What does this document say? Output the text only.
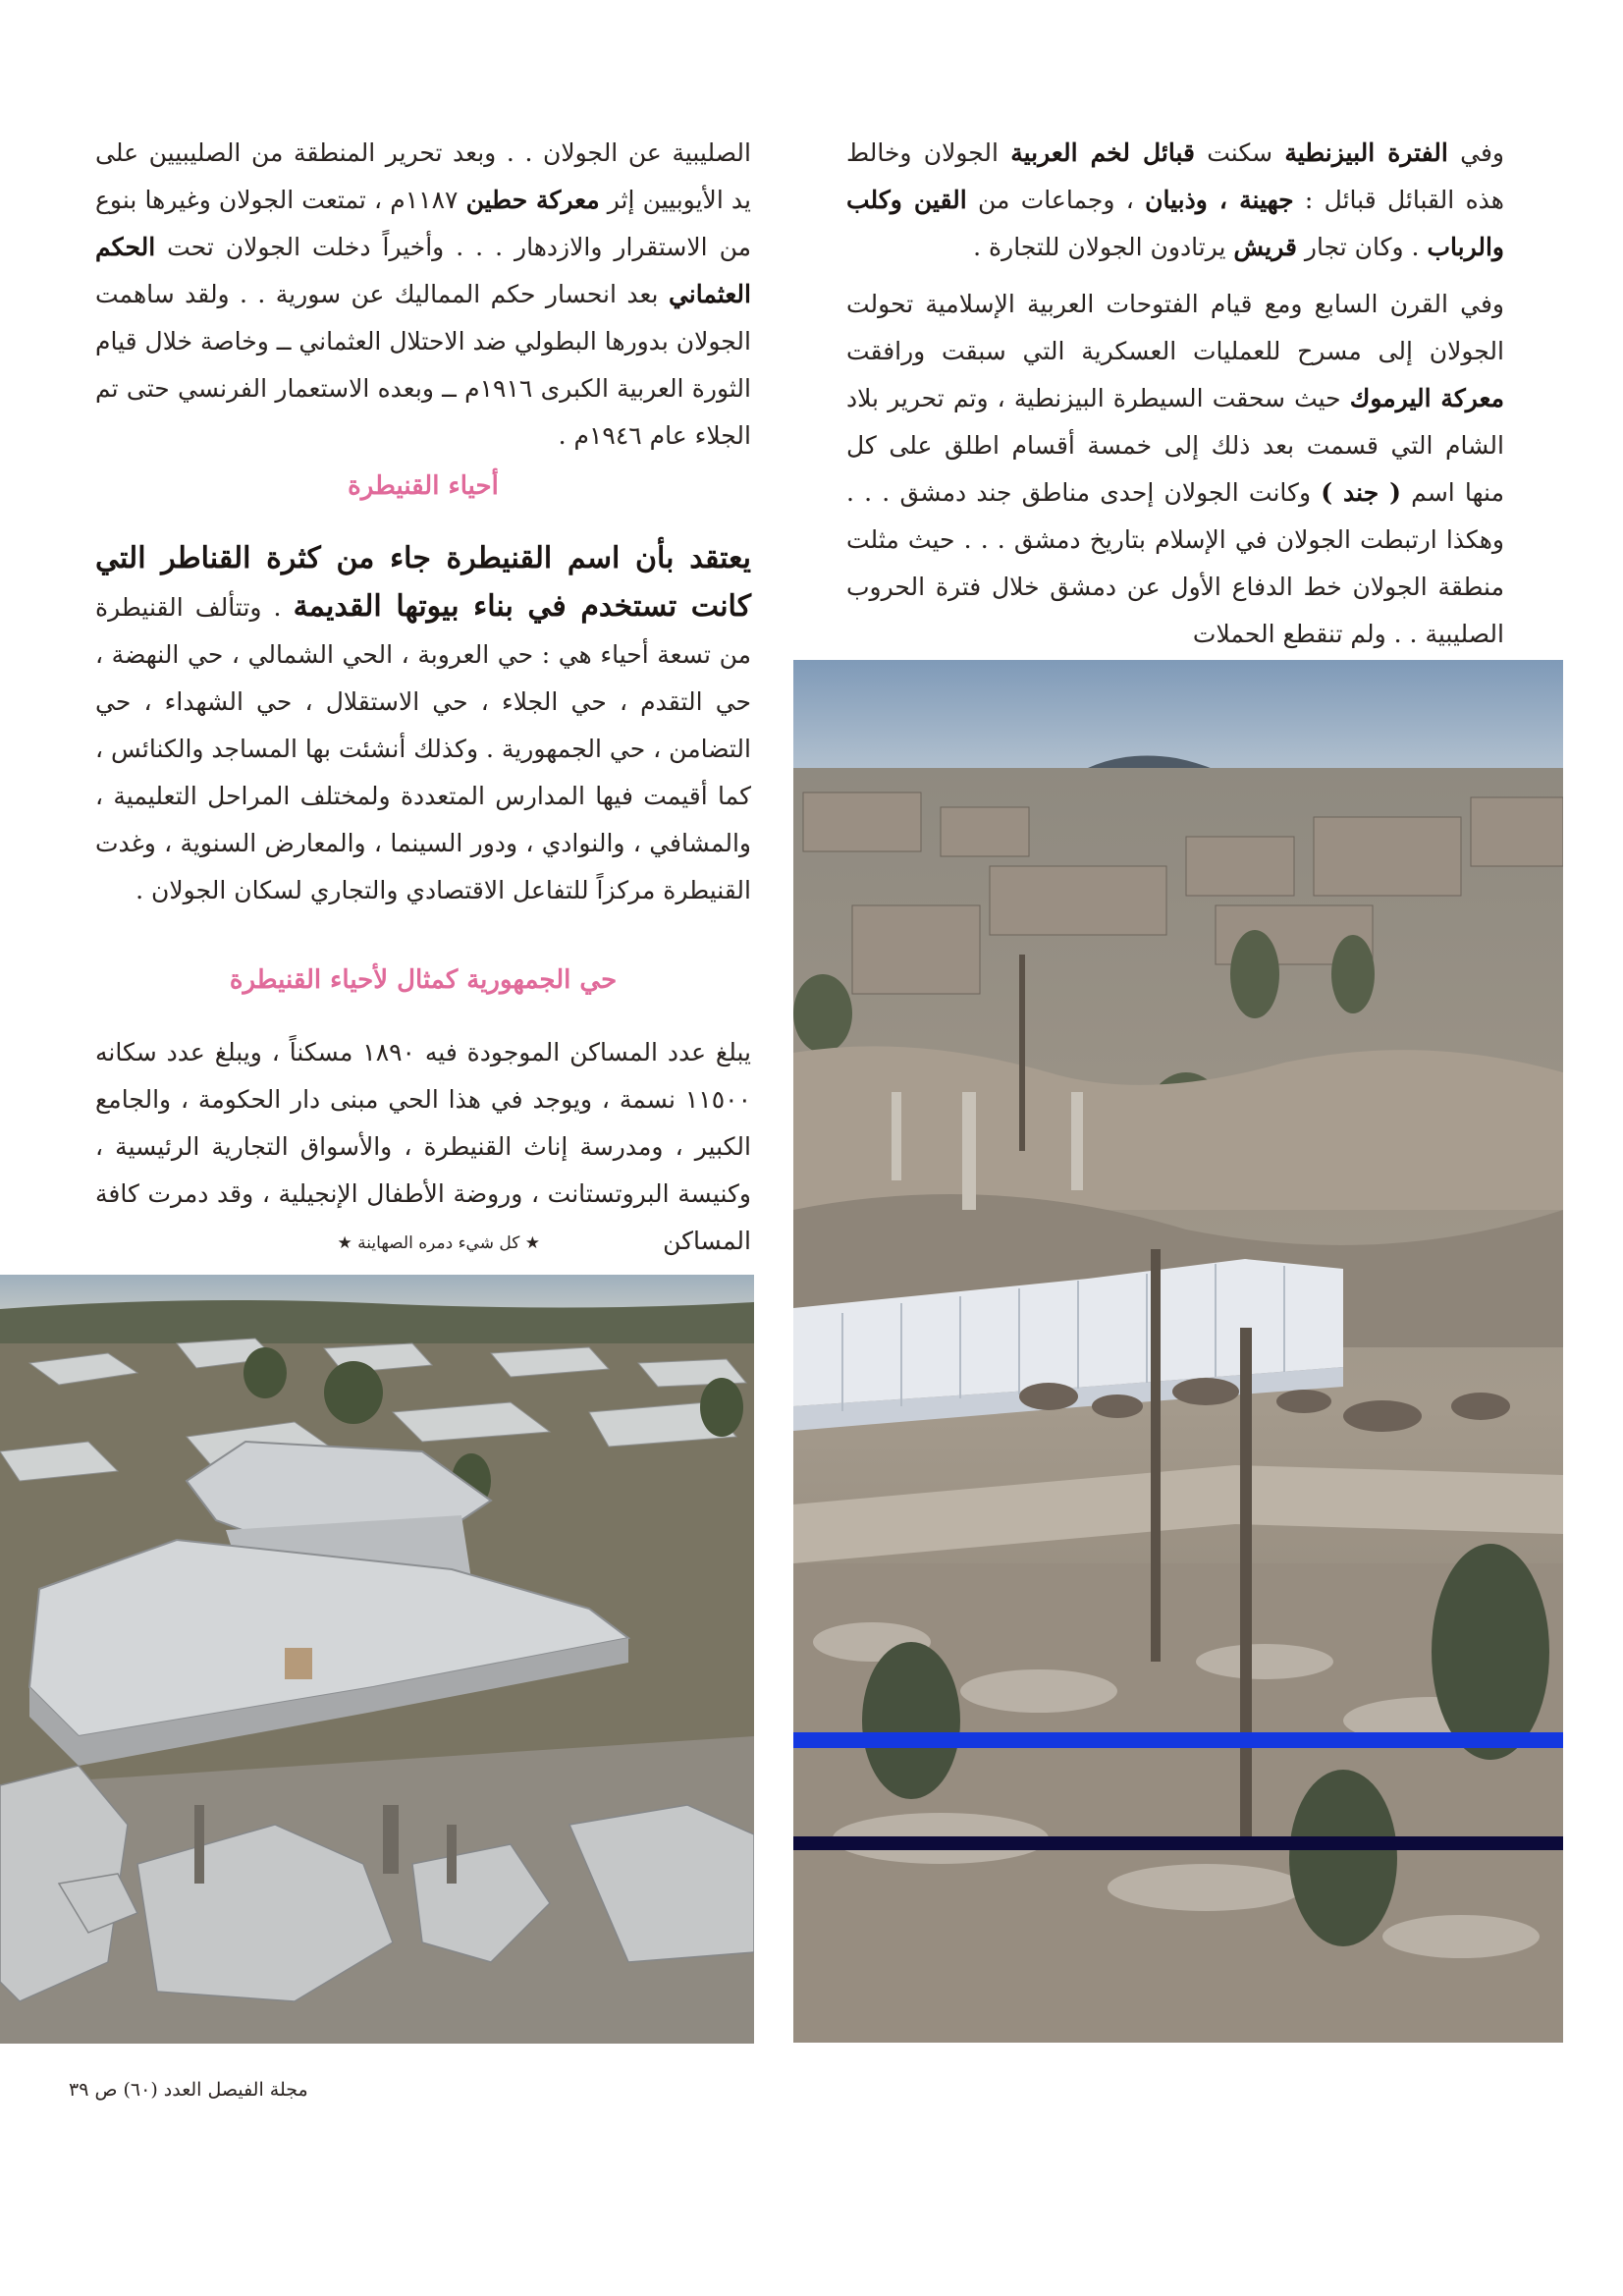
وفي الفترة البيزنطية سكنت قبائل لخم العربية الجولان وخالط هذه القبائل قبائل : جهينة ، وذبيان ، وجماعات من القين وكلب والرباب . وكان تجار قريش يرتادون الجولان للتجارة .

وفي القرن السابع ومع قيام الفتوحات العربية الإسلامية تحولت الجولان إلى مسرح للعمليات العسكرية التي سبقت ورافقت معركة اليرموك حيث سحقت السيطرة البيزنطية ، وتم تحرير بلاد الشام التي قسمت بعد ذلك إلى خمسة أقسام اطلق على كل منها اسم ( جند ) وكانت الجولان إحدى مناطق جند دمشق . . . وهكذا ارتبطت الجولان في الإسلام بتاريخ دمشق . . . حيث مثلت منطقة الجولان خط الدفاع الأول عن دمشق خلال فترة الحروب الصليبية . . ولم تنقطع الحملات

الصليبية عن الجولان . . وبعد تحرير المنطقة من الصليبيين على يد الأيوبيين إثر معركة حطين ١١٨٧م ، تمتعت الجولان وغيرها بنوع من الاستقرار والازدهار . . . وأخيراً دخلت الجولان تحت الحكم العثماني بعد انحسار حكم المماليك عن سورية . . ولقد ساهمت الجولان بدورها البطولي ضد الاحتلال العثماني ــ وخاصة خلال قيام الثورة العربية الكبرى ١٩١٦م ــ وبعده الاستعمار الفرنسي حتى تم الجلاء عام ١٩٤٦م .

أحياء القنيطرة

يعتقد بأن اسم القنيطرة جاء من كثرة القناطر التي كانت تستخدم في بناء بيوتها القديمة . وتتألف القنيطرة من تسعة أحياء هي : حي العروبة ، الحي الشمالي ، حي النهضة ، حي التقدم ، حي الجلاء ، حي الاستقلال ، حي الشهداء ، حي التضامن ، حي الجمهورية . وكذلك أنشئت بها المساجد والكنائس ، كما أقيمت فيها المدارس المتعددة ولمختلف المراحل التعليمية ، والمشافي ، والنوادي ، ودور السينما ، والمعارض السنوية ، وغدت القنيطرة مركزاً للتفاعل الاقتصادي والتجاري لسكان الجولان .

حي الجمهورية كمثال لأحياء القنيطرة

يبلغ عدد المساكن الموجودة فيه ١٨٩٠ مسكناً ، ويبلغ عدد سكانه ١١٥٠٠ نسمة ، ويوجد في هذا الحي مبنى دار الحكومة ، والجامع الكبير ، ومدرسة إناث القنيطرة ، والأسواق التجارية الرئيسية ، وكنيسة البروتستانت ، وروضة الأطفال الإنجيلية ، وقد دمرت كافة المساكن

★ كل شيء دمره الصهاينة ★
مجلة الفيصل العدد (٦٠) ص ٣٩
